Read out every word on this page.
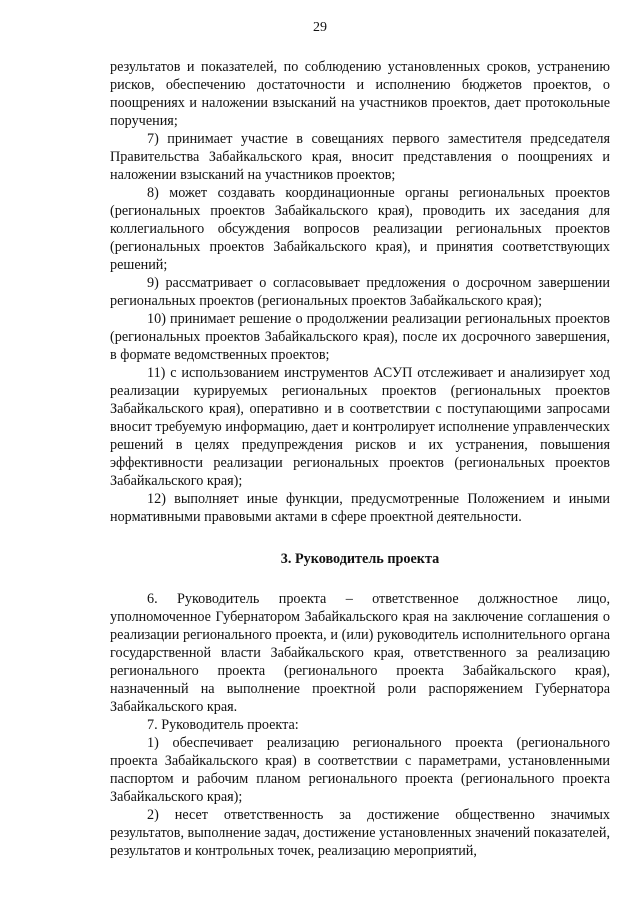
29

результатов и показателей, по соблюдению установленных сроков, устранению рисков, обеспечению достаточности и исполнению бюджетов проектов, о поощрениях и наложении взысканий на участников проектов, дает протокольные поручения;

7) принимает участие в совещаниях первого заместителя председателя Правительства Забайкальского края, вносит представления о поощрениях и наложении взысканий на участников проектов;

8) может создавать координационные органы региональных проектов (региональных проектов Забайкальского края), проводить их заседания для коллегиального обсуждения вопросов реализации региональных проектов (региональных проектов Забайкальского края), и принятия соответствующих решений;

9) рассматривает о согласовывает предложения о досрочном завершении региональных проектов (региональных проектов Забайкальского края);

10) принимает решение о продолжении реализации региональных проектов (региональных проектов Забайкальского края), после их досрочного завершения, в формате ведомственных проектов;

11) с использованием инструментов АСУП отслеживает и анализирует ход реализации курируемых региональных проектов (региональных проектов Забайкальского края), оперативно и в соответствии с поступающими запросами вносит требуемую информацию, дает и контролирует исполнение управленческих решений в целях предупреждения рисков и их устранения, повышения эффективности реализации региональных проектов (региональных проектов Забайкальского края);

12) выполняет иные функции, предусмотренные Положением и иными нормативными правовыми актами в сфере проектной деятельности.

3. Руководитель проекта

6. Руководитель проекта – ответственное должностное лицо, уполномоченное Губернатором Забайкальского края на заключение соглашения о реализации регионального проекта, и (или) руководитель исполнительного органа государственной власти Забайкальского края, ответственного за реализацию регионального проекта (регионального проекта Забайкальского края), назначенный на выполнение проектной роли распоряжением Губернатора Забайкальского края.

7. Руководитель проекта:

1) обеспечивает реализацию регионального проекта (регионального проекта Забайкальского края) в соответствии с параметрами, установленными паспортом и рабочим планом регионального проекта (регионального проекта Забайкальского края);

2) несет ответственность за достижение общественно значимых результатов, выполнение задач, достижение установленных значений показателей, результатов и контрольных точек, реализацию мероприятий,
